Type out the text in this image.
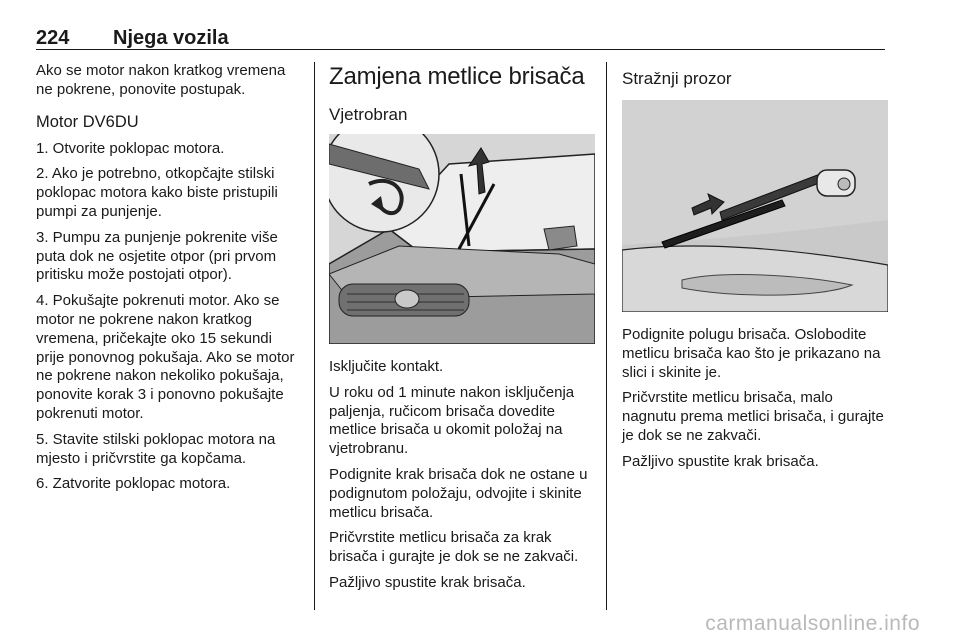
224 Njega vozila

Ako se motor nakon kratkog vremena ne pokrene, ponovite postupak.

Motor DV6DU

1. Otvorite poklopac motora.

2. Ako je potrebno, otkopčajte stilski poklopac motora kako biste pristupili pumpi za punjenje.

3. Pumpu za punjenje pokrenite više puta dok ne osjetite otpor (pri prvom pritisku može postojati otpor).

4. Pokušajte pokrenuti motor. Ako se motor ne pokrene nakon kratkog vremena, pričekajte oko 15 sekundi prije ponovnog pokušaja. Ako se motor ne pokrene nakon nekoliko pokušaja, ponovite korak 3 i ponovno pokušajte pokrenuti motor.

5. Stavite stilski poklopac motora na mjesto i pričvrstite ga kopčama.

6. Zatvorite poklopac motora.

Zamjena metlice brisača
Vjetrobran

Isključite kontakt.

U roku od 1 minute nakon isključenja paljenja, ručicom brisača dovedite metlice brisača u okomit položaj na vjetrobranu.

Podignite krak brisača dok ne ostane u podignutom položaju, odvojite i skinite metlicu brisača.

Pričvrstite metlicu brisača za krak brisača i gurajte je dok se ne zakvači.

Pažljivo spustite krak brisača.

Stražnji prozor

Podignite polugu brisača. Oslobodite metlicu brisača kao što je prikazano na slici i skinite je.

Pričvrstite metlicu brisača, malo nagnutu prema metlici brisača, i gurajte je dok se ne zakvači.

Pažljivo spustite krak brisača.

carmanualsonline.info
